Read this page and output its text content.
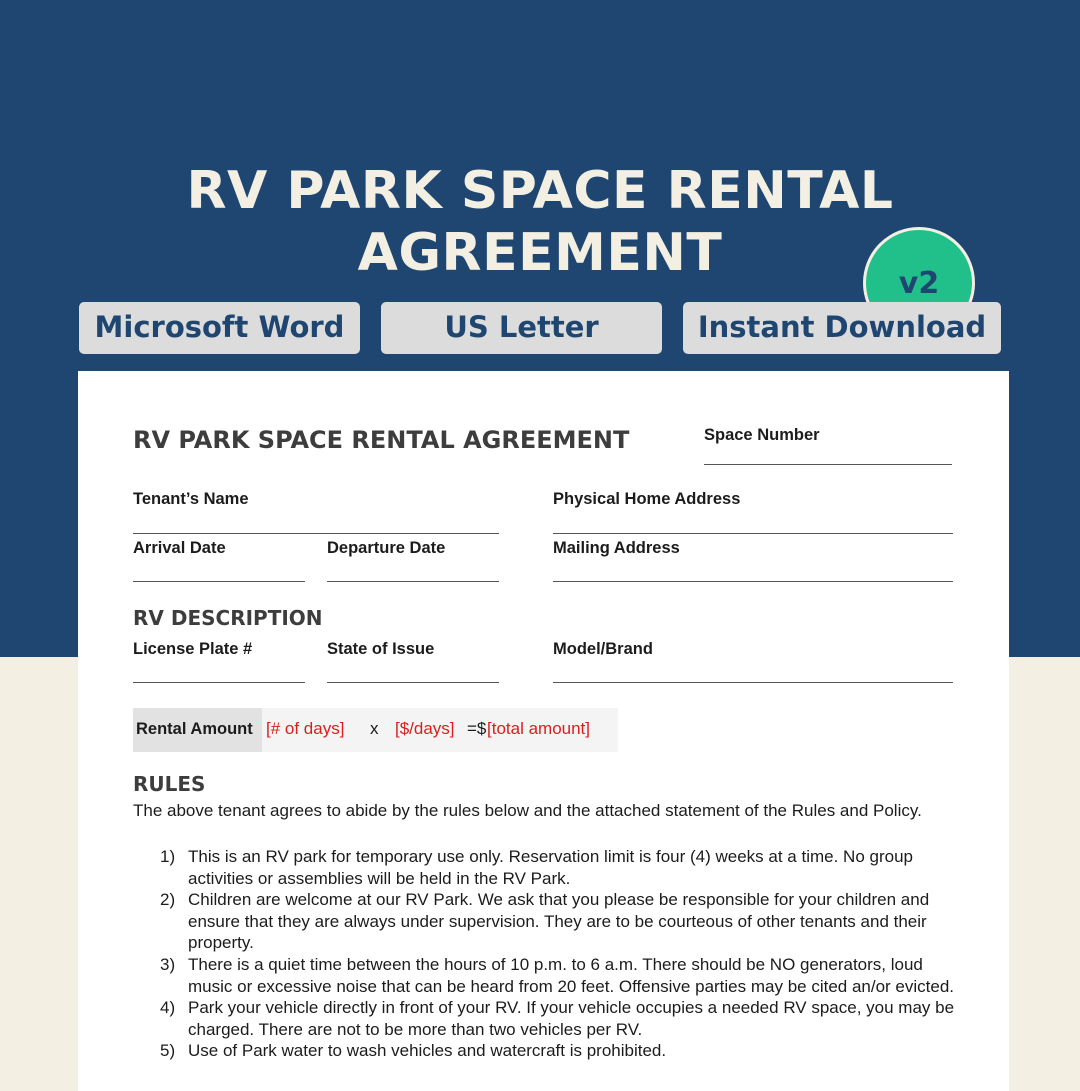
RV PARK SPACE RENTAL
AGREEMENT
v2
Microsoft Word	US Letter	Instant Download
RV PARK SPACE RENTAL AGREEMENT	Space Number
Tenant’s Name	Physical Home Address
Arrival Date	Departure Date	Mailing Address
RV DESCRIPTION
License Plate #	State of Issue	Model/Brand
Rental Amount [# of days] x [$/days] =$ [total amount]
RULES
The above tenant agrees to abide by the rules below and the attached statement of the Rules and Policy.
1) This is an RV park for temporary use only. Reservation limit is four (4) weeks at a time. No group activities or assemblies will be held in the RV Park.
2) Children are welcome at our RV Park. We ask that you please be responsible for your children and ensure that they are always under supervision. They are to be courteous of other tenants and their property.
3) There is a quiet time between the hours of 10 p.m. to 6 a.m. There should be NO generators, loud music or excessive noise that can be heard from 20 feet. Offensive parties may be cited an/or evicted.
4) Park your vehicle directly in front of your RV. If your vehicle occupies a needed RV space, you may be charged. There are not to be more than two vehicles per RV.
5) Use of Park water to wash vehicles and watercraft is prohibited.
